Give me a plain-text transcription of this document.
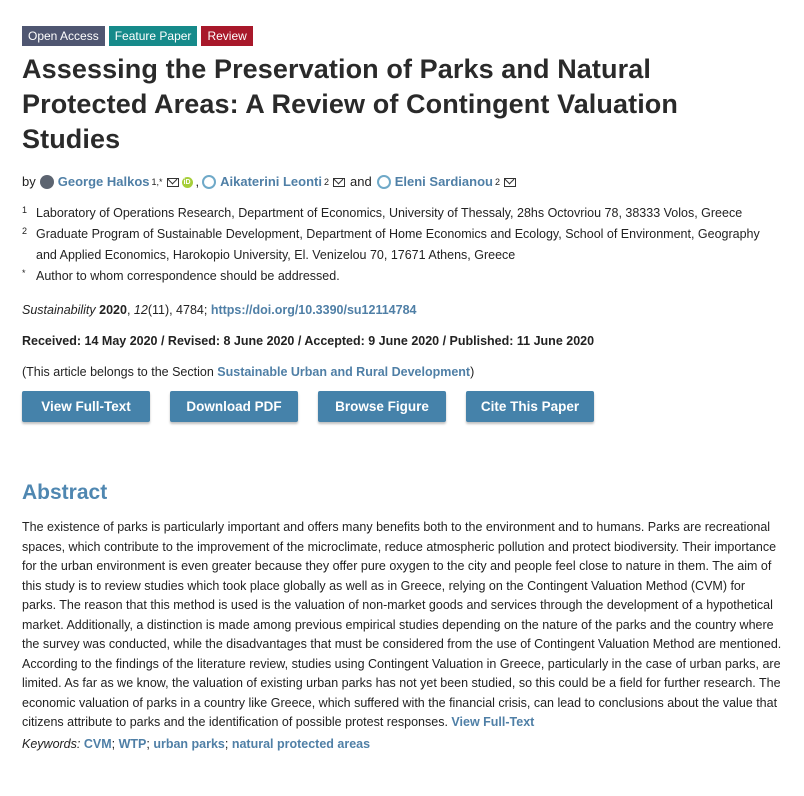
Open Access	Feature Paper	Review
Assessing the Preservation of Parks and Natural Protected Areas: A Review of Contingent Valuation Studies
by George Halkos 1,*	iD , Aikaterini Leonti 2 and Eleni Sardianou 2
1 Laboratory of Operations Research, Department of Economics, University of Thessaly, 28hs Octovriou 78, 38333 Volos, Greece
2 Graduate Program of Sustainable Development, Department of Home Economics and Ecology, School of Environment, Geography and Applied Economics, Harokopio University, El. Venizelou 70, 17671 Athens, Greece
* Author to whom correspondence should be addressed.
Sustainability 2020, 12(11), 4784; https://doi.org/10.3390/su12114784
Received: 14 May 2020 / Revised: 8 June 2020 / Accepted: 9 June 2020 / Published: 11 June 2020
(This article belongs to the Section Sustainable Urban and Rural Development)
View Full-Text	Download PDF	Browse Figure	Cite This Paper
Abstract
The existence of parks is particularly important and offers many benefits both to the environment and to humans. Parks are recreational spaces, which contribute to the improvement of the microclimate, reduce atmospheric pollution and protect biodiversity. Their importance for the urban environment is even greater because they offer pure oxygen to the city and people feel close to nature in them. The aim of this study is to review studies which took place globally as well as in Greece, relying on the Contingent Valuation Method (CVM) for parks. The reason that this method is used is the valuation of non-market goods and services through the development of a hypothetical market. Additionally, a distinction is made among previous empirical studies depending on the nature of the parks and the country where the survey was conducted, while the disadvantages that must be considered from the use of Contingent Valuation Method are mentioned. According to the findings of the literature review, studies using Contingent Valuation in Greece, particularly in the case of urban parks, are limited. As far as we know, the valuation of existing urban parks has not yet been studied, so this could be a field for further research. The economic valuation of parks in a country like Greece, which suffered with the financial crisis, can lead to conclusions about the value that citizens attribute to parks and the identification of possible protest responses. View Full-Text
Keywords: CVM; WTP; urban parks; natural protected areas
